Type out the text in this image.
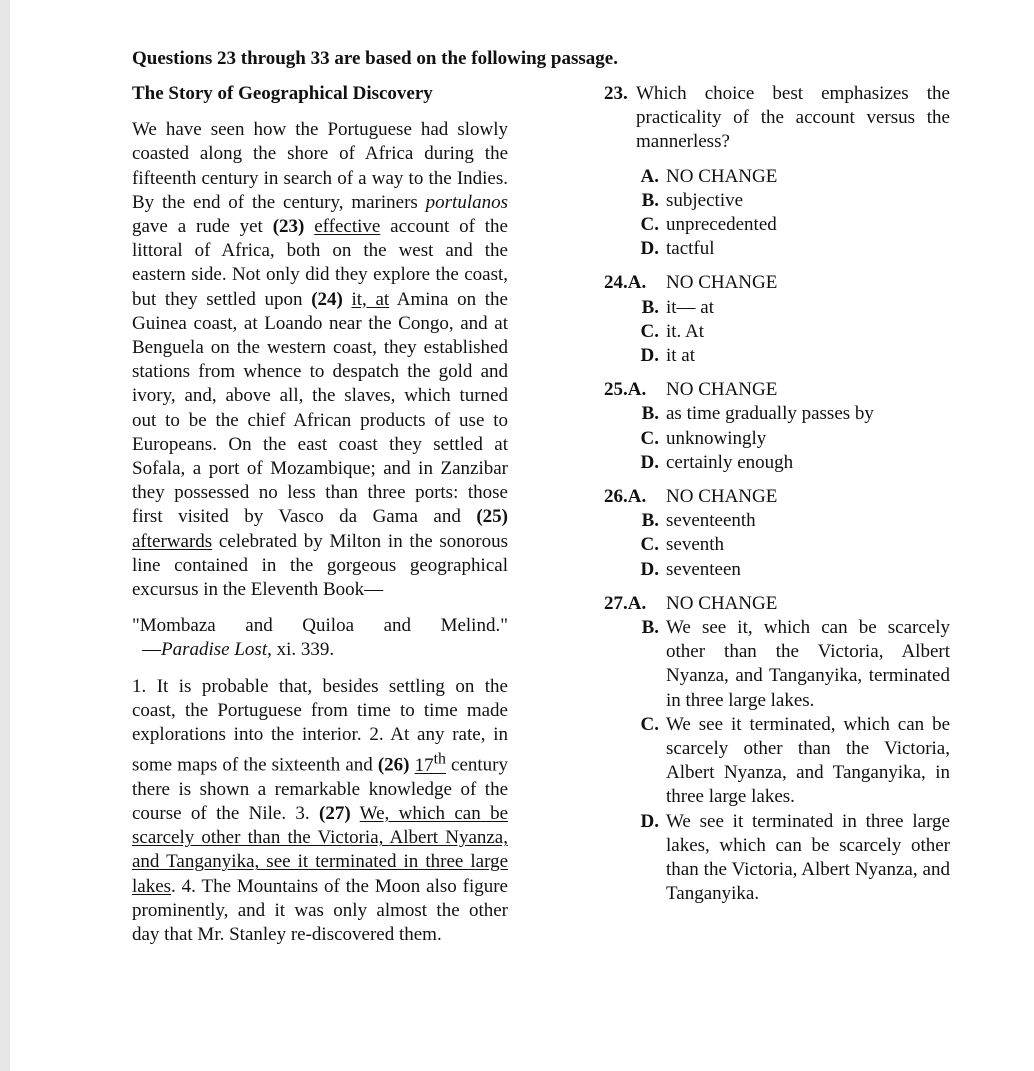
Questions 23 through 33 are based on the following passage.

The Story of Geographical Discovery

We have seen how the Portuguese had slowly coasted along the shore of Africa during the fifteenth century in search of a way to the Indies. By the end of the century, mariners portulanos gave a rude yet (23) effective account of the littoral of Africa, both on the west and the eastern side. Not only did they explore the coast, but they settled upon (24) it, at Amina on the Guinea coast, at Loando near the Congo, and at Benguela on the western coast, they established stations from whence to despatch the gold and ivory, and, above all, the slaves, which turned out to be the chief African products of use to Europeans. On the east coast they settled at Sofala, a port of Mozambique; and in Zanzibar they possessed no less than three ports: those first visited by Vasco da Gama and (25) afterwards celebrated by Milton in the sonorous line contained in the gorgeous geographical excursus in the Eleventh Book—

"Mombaza and Quiloa and Melind."

—Paradise Lost, xi. 339.

1. It is probable that, besides settling on the coast, the Portuguese from time to time made explorations into the interior. 2. At any rate, in some maps of the sixteenth and (26) 17th century there is shown a remarkable knowledge of the course of the Nile. 3. (27) We, which can be scarcely other than the Victoria, Albert Nyanza, and Tanganyika, see it terminated in three large lakes. 4. The Mountains of the Moon also figure prominently, and it was only almost the other day that Mr. Stanley re-discovered them.

23. Which choice best emphasizes the practicality of the account versus the mannerless?
A. NO CHANGE
B. subjective
C. unprecedented
D. tactful
24.A.	NO CHANGE
B. it— at
C. it. At
D. it at
25.A.	NO CHANGE
B. as time gradually passes by
C. unknowingly
D. certainly enough
26.A.	NO CHANGE
B. seventeenth
C. seventh
D. seventeen
27.A.	NO CHANGE
B. We see it, which can be scarcely other than the Victoria, Albert Nyanza, and Tanganyika, terminated in three large lakes.
C. We see it terminated, which can be scarcely other than the Victoria, Albert Nyanza, and Tanganyika, in three large lakes.
D. We see it terminated in three large lakes, which can be scarcely other than the Victoria, Albert Nyanza, and Tanganyika.
